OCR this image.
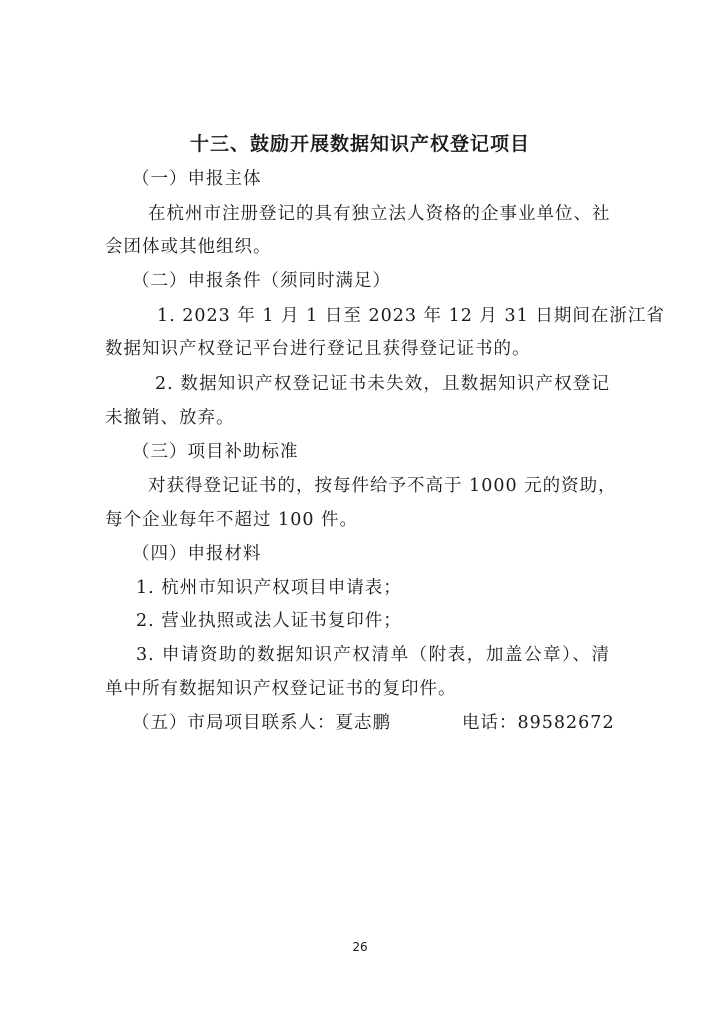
十三、鼓励开展数据知识产权登记项目
（一）申报主体
在杭州市注册登记的具有独立法人资格的企事业单位、社
会团体或其他组织。
（二）申报条件（须同时满足）
1. 2023 年 1 月 1 日至 2023 年 12 月 31 日期间在浙江省
数据知识产权登记平台进行登记且获得登记证书的。
2. 数据知识产权登记证书未失效，且数据知识产权登记
未撤销、放弃。
（三）项目补助标准
对获得登记证书的，按每件给予不高于 1000 元的资助，
每个企业每年不超过 100 件。
（四）申报材料
1. 杭州市知识产权项目申请表；
2. 营业执照或法人证书复印件；
3. 申请资助的数据知识产权清单（附表，加盖公章）、清
单中所有数据知识产权登记证书的复印件。
（五）市局项目联系人：夏志鹏	电话：89582672
26
